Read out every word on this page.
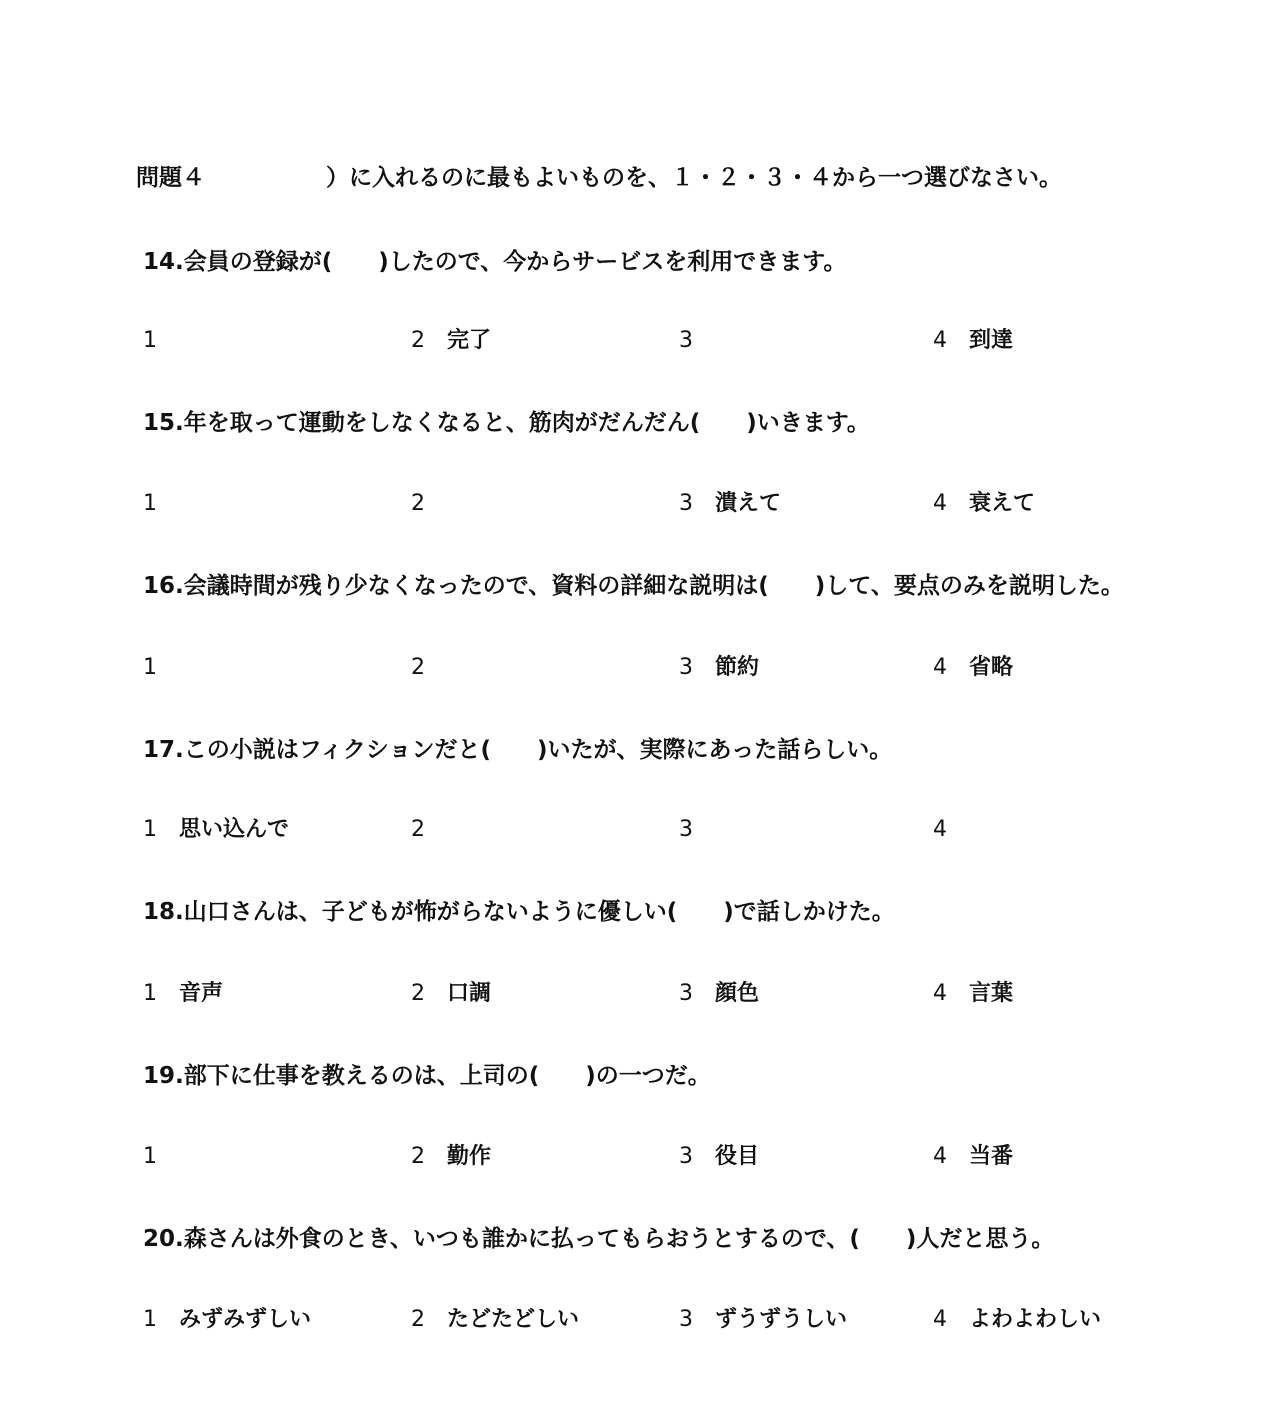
問題４	）に入れるのに最もよいものを、１・２・３・４から一つ選びなさい。
14.会員の登録が(　　)したので、今からサービスを利用できます。
1	2 完了	3	4 到達
15.年を取って運動をしなくなると、筋肉がだんだん(　　)いきます。
1	2	3 潰えて	4 衰えて
16.会議時間が残り少なくなったので、資料の詳細な説明は(　　)して、要点のみを説明した。
1	2	3 節約	4 省略
17.この小説はフィクションだと(　　)いたが、実際にあった話らしい。
1 思い込んで	2	3	4
18.山口さんは、子どもが怖がらないように優しい(　　)で話しかけた。
1 音声	2 口調	3 顔色	4 言葉
19.部下に仕事を教えるのは、上司の(　　)の一つだ。
1	2 勤作	3 役目	4 当番
20.森さんは外食のとき、いつも誰かに払ってもらおうとするので、(　　)人だと思う。
1 みずみずしい	2 たどたどしい	3 ずうずうしい	4 よわよわしい
